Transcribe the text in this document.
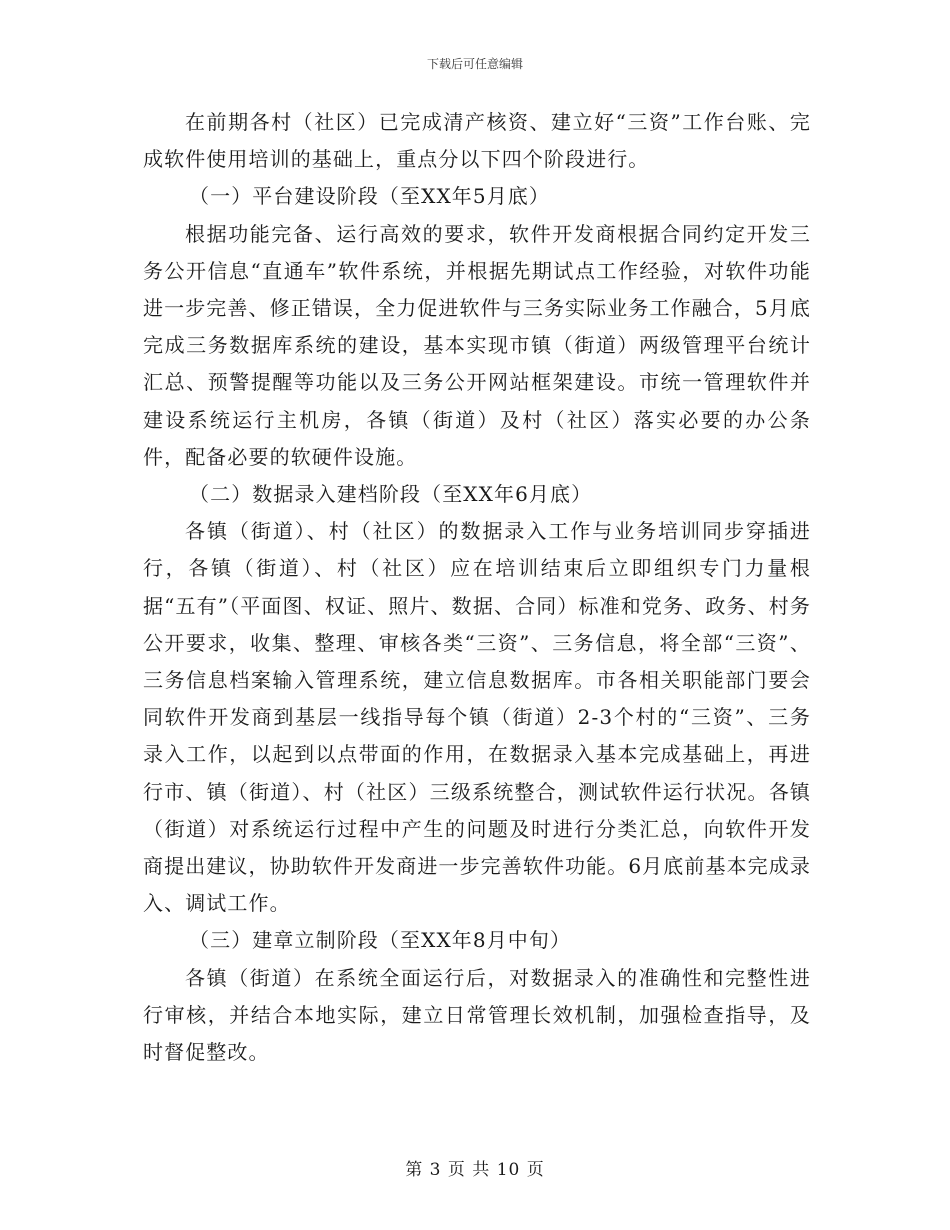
下载后可任意编辑

在前期各村（社区）已完成清产核资、建立好“三资”工作台账、完成软件使用培训的基础上，重点分以下四个阶段进行。

（一）平台建设阶段（至XX年5月底）

根据功能完备、运行高效的要求，软件开发商根据合同约定开发三务公开信息“直通车”软件系统，并根据先期试点工作经验，对软件功能进一步完善、修正错误，全力促进软件与三务实际业务工作融合，5月底完成三务数据库系统的建设，基本实现市镇（街道）两级管理平台统计汇总、预警提醒等功能以及三务公开网站框架建设。市统一管理软件并建设系统运行主机房，各镇（街道）及村（社区）落实必要的办公条件，配备必要的软硬件设施。

（二）数据录入建档阶段（至XX年6月底）

各镇（街道）、村（社区）的数据录入工作与业务培训同步穿插进行，各镇（街道）、村（社区）应在培训结束后立即组织专门力量根据“五有”（平面图、权证、照片、数据、合同）标准和党务、政务、村务公开要求，收集、整理、审核各类“三资”、三务信息，将全部“三资”、三务信息档案输入管理系统，建立信息数据库。市各相关职能部门要会同软件开发商到基层一线指导每个镇（街道）2-3个村的“三资”、三务录入工作，以起到以点带面的作用，在数据录入基本完成基础上，再进行市、镇（街道）、村（社区）三级系统整合，测试软件运行状况。各镇（街道）对系统运行过程中产生的问题及时进行分类汇总，向软件开发商提出建议，协助软件开发商进一步完善软件功能。6月底前基本完成录入、调试工作。

（三）建章立制阶段（至XX年8月中旬）

各镇（街道）在系统全面运行后，对数据录入的准确性和完整性进行审核，并结合本地实际，建立日常管理长效机制，加强检查指导，及时督促整改。

第 3 页 共 10 页
